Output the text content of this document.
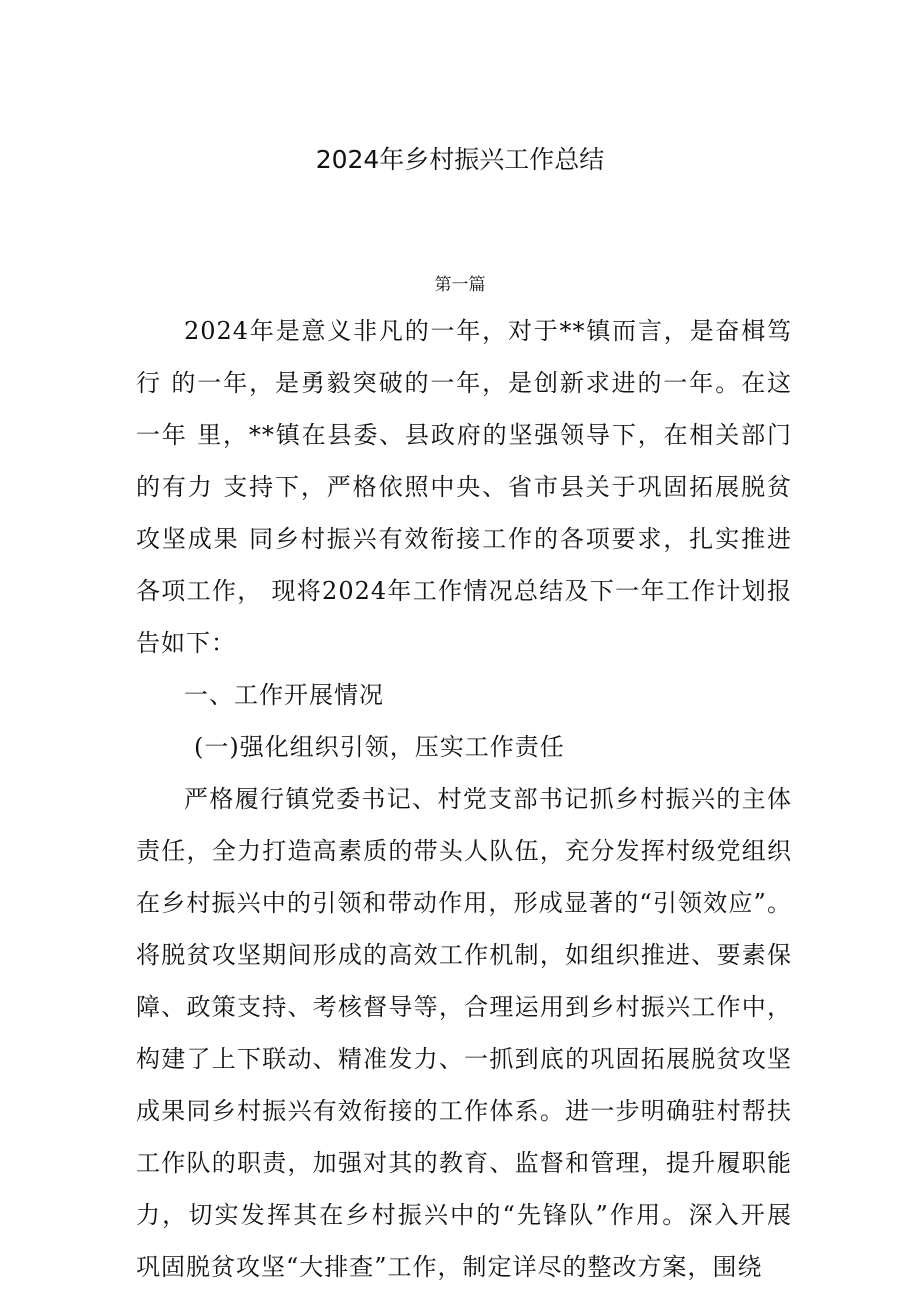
2024年乡村振兴工作总结
第一篇

2024年是意义非凡的一年，对于**镇而言，是奋楫笃行 的一年，是勇毅突破的一年，是创新求进的一年。在这一年 里，**镇在县委、县政府的坚强领导下，在相关部门的有力 支持下，严格依照中央、省市县关于巩固拓展脱贫攻坚成果 同乡村振兴有效衔接工作的各项要求，扎实推进各项工作， 现将2024年工作情况总结及下一年工作计划报告如下：

一、工作开展情况

(一)强化组织引领，压实工作责任

严格履行镇党委书记、村党支部书记抓乡村振兴的主体 责任，全力打造高素质的带头人队伍，充分发挥村级党组织 在乡村振兴中的引领和带动作用，形成显著的“引领效应”。 将脱贫攻坚期间形成的高效工作机制，如组织推进、要素保 障、政策支持、考核督导等，合理运用到乡村振兴工作中， 构建了上下联动、精准发力、一抓到底的巩固拓展脱贫攻坚 成果同乡村振兴有效衔接的工作体系。进一步明确驻村帮扶 工作队的职责，加强对其的教育、监督和管理，提升履职能 力，切实发挥其在乡村振兴中的“先锋队”作用。深入开展 巩固脱贫攻坚“大排查”工作，制定详尽的整改方案，围绕
